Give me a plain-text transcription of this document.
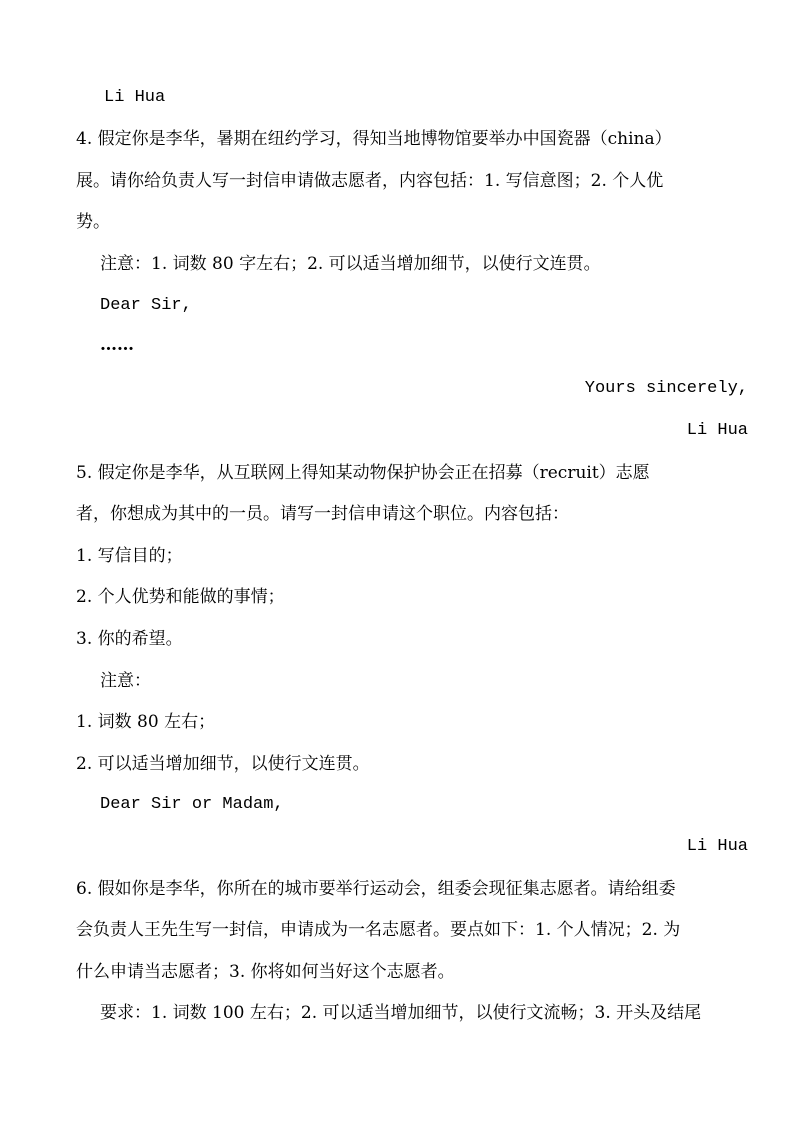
Li Hua
4. 假定你是李华，暑期在纽约学习，得知当地博物馆要举办中国瓷器（china）
展。请你给负责人写一封信申请做志愿者，内容包括：1. 写信意图；2. 个人优
势。
注意：1. 词数 80 字左右；2. 可以适当增加细节，以使行文连贯。
Dear Sir,
……
Yours sincerely,
Li Hua
5. 假定你是李华，从互联网上得知某动物保护协会正在招募（recruit）志愿
者，你想成为其中的一员。请写一封信申请这个职位。内容包括：
1. 写信目的；
2. 个人优势和能做的事情；
3. 你的希望。
注意：
1. 词数 80 左右；
2. 可以适当增加细节，以使行文连贯。
Dear Sir or Madam,
Li Hua
6. 假如你是李华，你所在的城市要举行运动会，组委会现征集志愿者。请给组委
会负责人王先生写一封信，申请成为一名志愿者。要点如下：1. 个人情况；2. 为
什么申请当志愿者；3. 你将如何当好这个志愿者。
要求：1. 词数 100 左右；2. 可以适当增加细节，以使行文流畅；3. 开头及结尾
